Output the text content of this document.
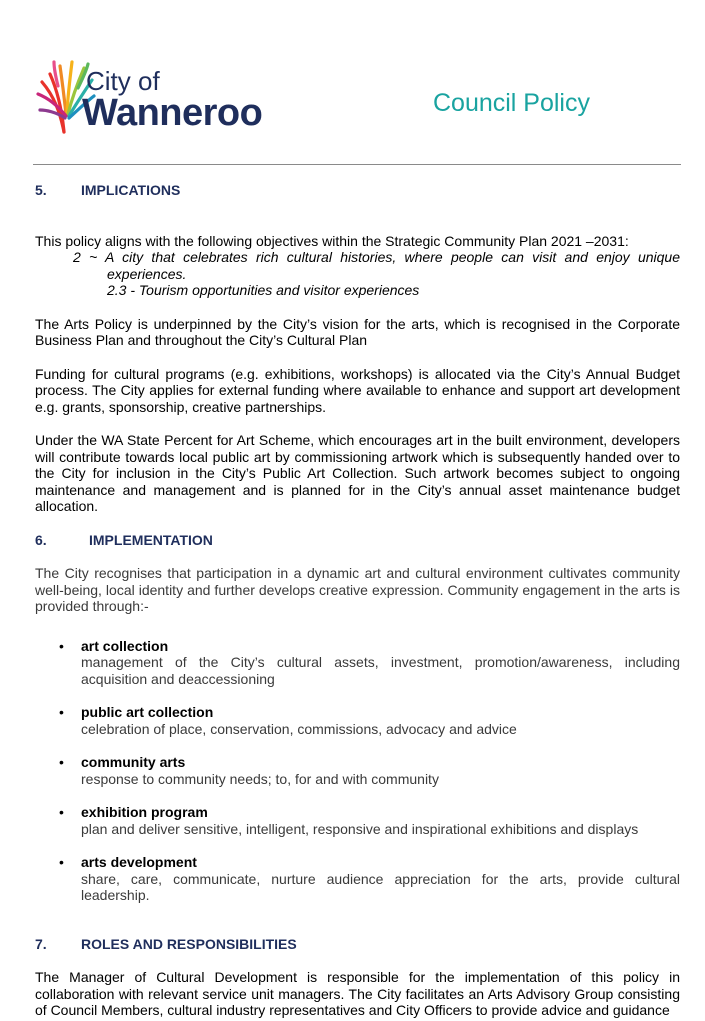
City of
Wanneroo	Council Policy
5.	IMPLICATIONS

This policy aligns with the following objectives within the Strategic Community Plan 2021 –2031:

2 ~ A city that celebrates rich cultural histories, where people can visit and enjoy unique experiences.

2.3 - Tourism opportunities and visitor experiences

The Arts Policy is underpinned by the City’s vision for the arts, which is recognised in the Corporate Business Plan and throughout the City’s Cultural Plan

Funding for cultural programs (e.g. exhibitions, workshops) is allocated via the City’s Annual Budget process. The City applies for external funding where available to enhance and support art development e.g. grants, sponsorship, creative partnerships.

Under the WA State Percent for Art Scheme, which encourages art in the built environment, developers will contribute towards local public art by commissioning artwork which is subsequently handed over to the City for inclusion in the City’s Public Art Collection. Such artwork becomes subject to ongoing maintenance and management and is planned for in the City’s annual asset maintenance budget allocation.

6.	IMPLEMENTATION

The City recognises that participation in a dynamic art and cultural environment cultivates community well-being, local identity and further develops creative expression. Community engagement in the arts is provided through:-

• art collection
management of the City’s cultural assets, investment, promotion/awareness, including acquisition and deaccessioning
• public art collection
celebration of place, conservation, commissions, advocacy and advice
• community arts
response to community needs; to, for and with community
• exhibition program
plan and deliver sensitive, intelligent, responsive and inspirational exhibitions and displays
• arts development
share, care, communicate, nurture audience appreciation for the arts, provide cultural leadership.
7.	ROLES AND RESPONSIBILITIES

The Manager of Cultural Development is responsible for the implementation of this policy in collaboration with relevant service unit managers. The City facilitates an Arts Advisory Group consisting of Council Members, cultural industry representatives and City Officers to provide advice and guidance
